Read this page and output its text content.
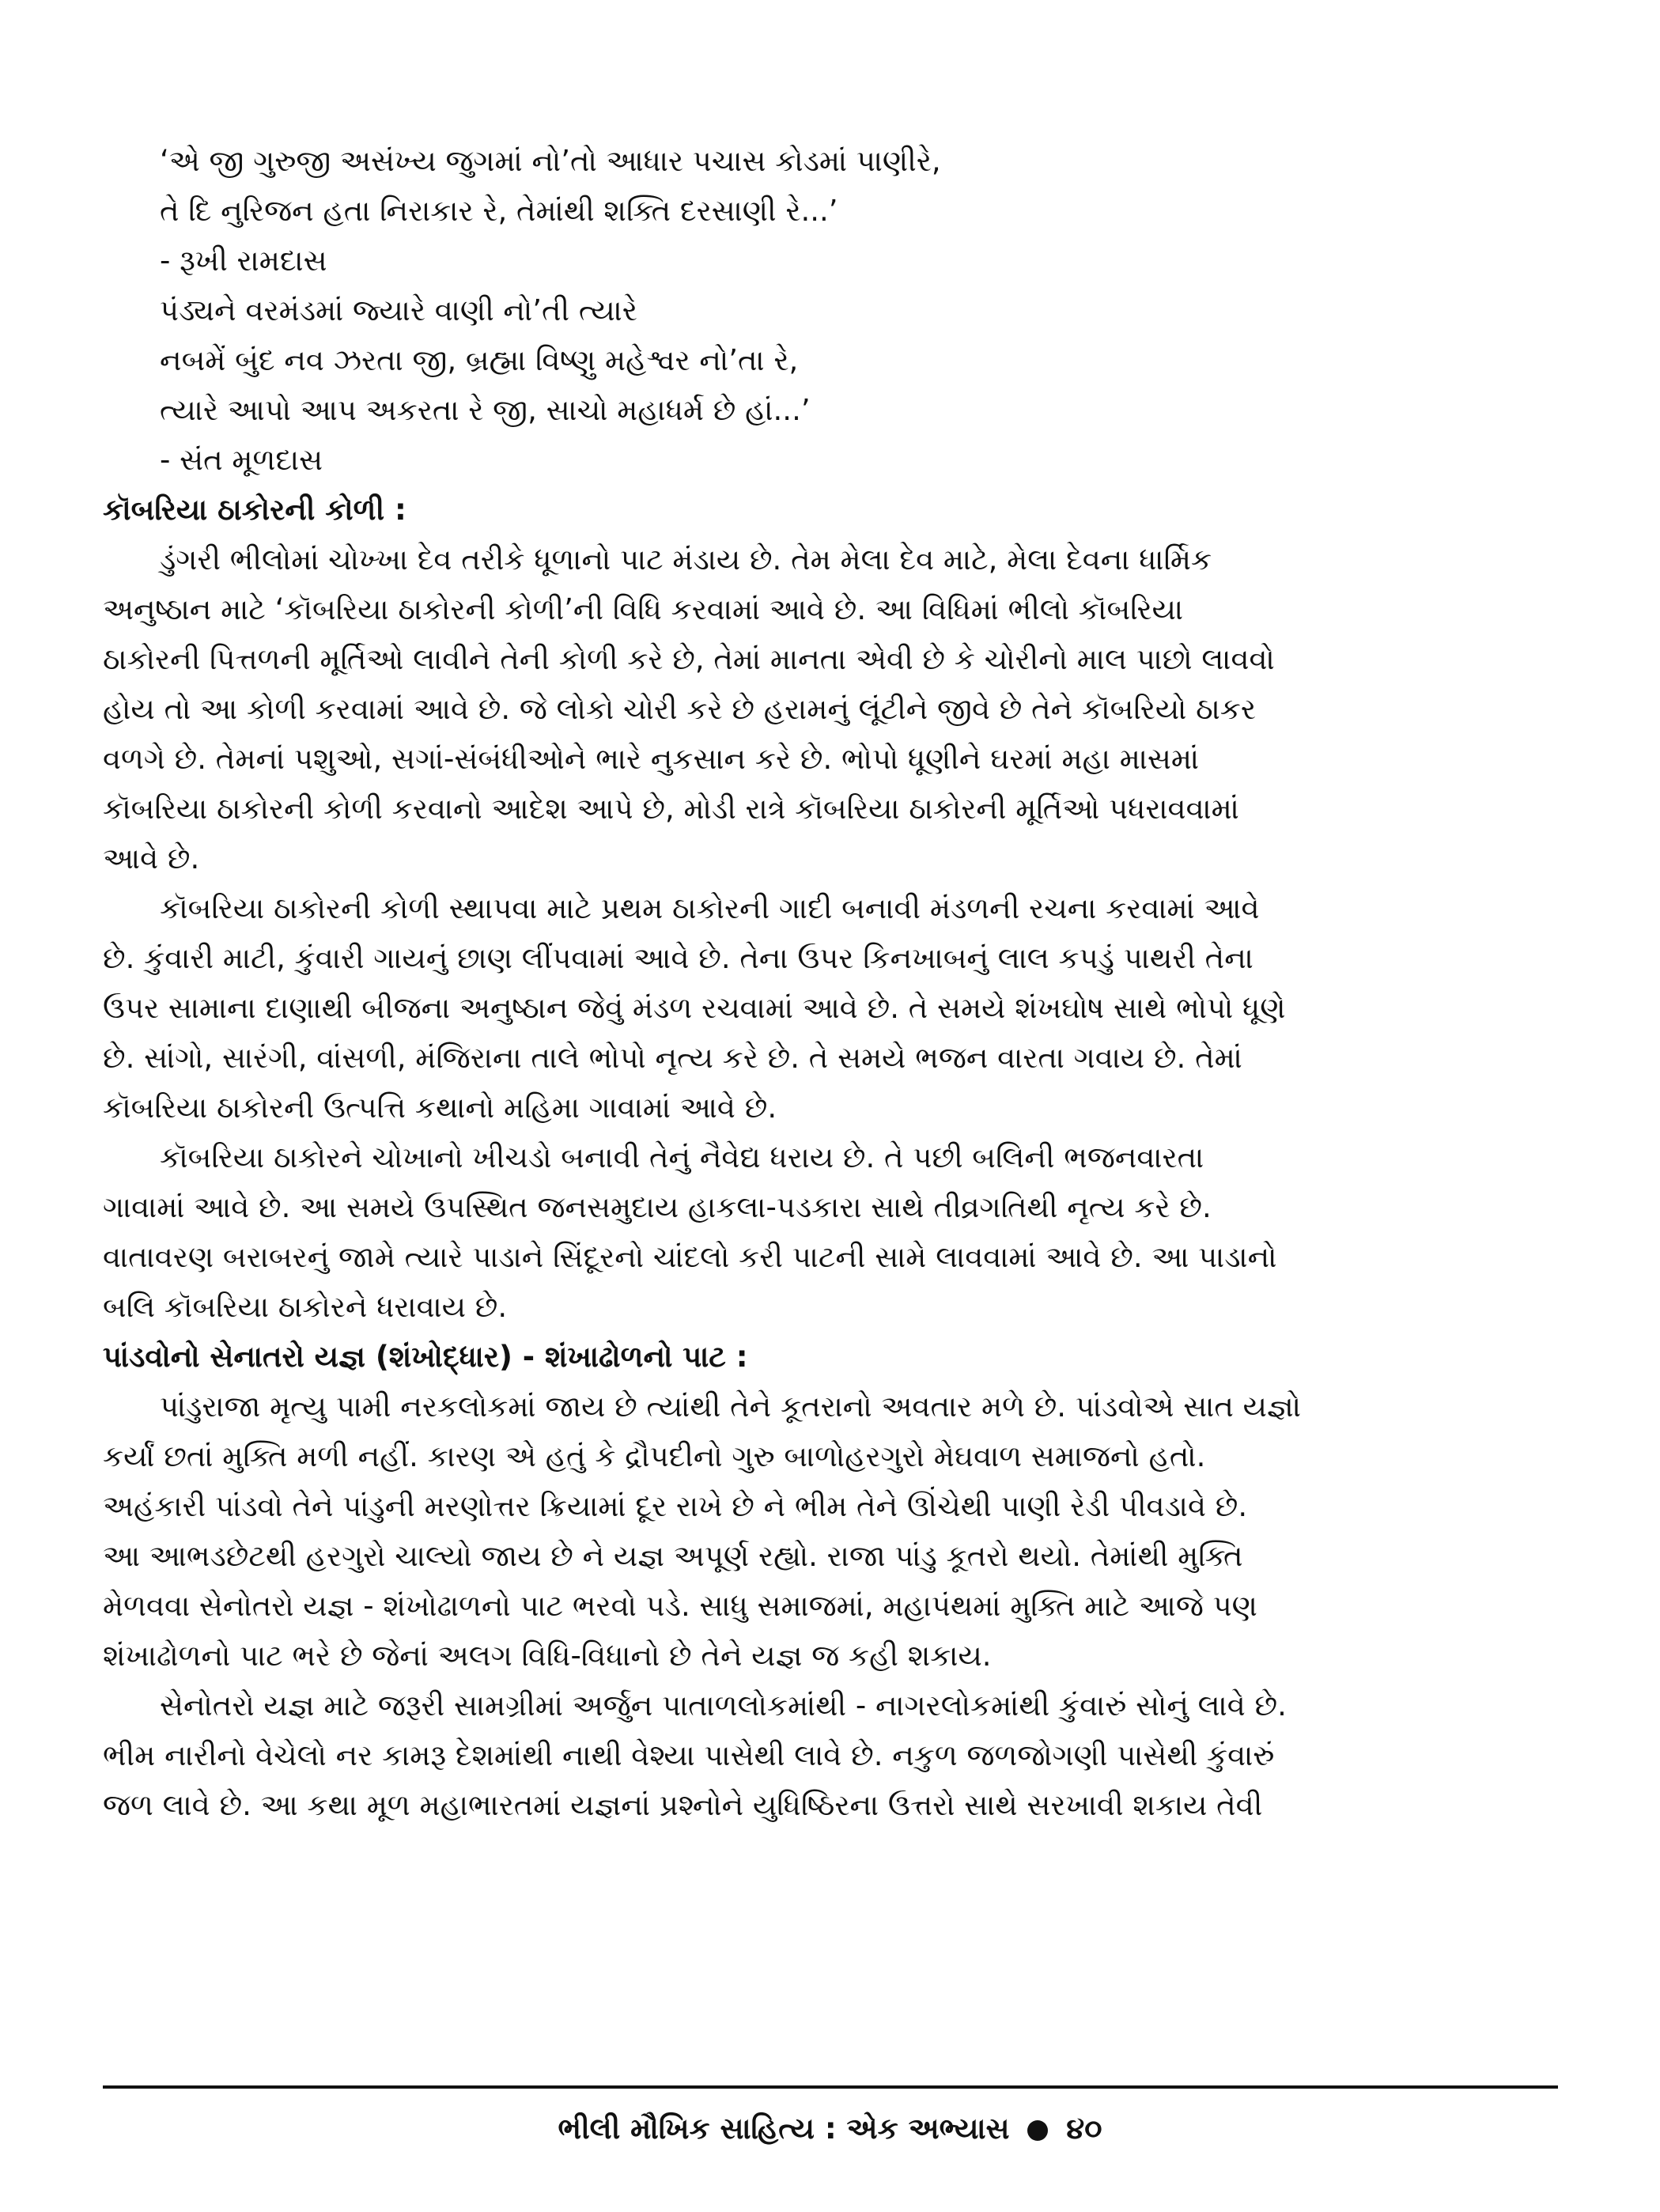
‘એ જી ગુરુજી અસંખ્ય જુગમાં નો’તો આધાર પચાસ કોડમાં પાણીરે,
તે દિ નુરિજન હતા નિરાકાર રે, તેમાંથી શક્તિ દરસાણી રે...’
- રૂખી રામદાસ
પંડ્યને વરમંડમાં જ્યારે વાણી નો’તી ત્યારે
નબમેં બુંદ નવ ઝરતા જી, બ્રહ્મા વિષ્ણુ મહેશ્વર નો’તા રે,
ત્યારે આપો આપ અકરતા રે જી, સાચો મહાધર્મ છે હાં...’
- સંત મૂળદાસ
કૉબરિયા ઠાકોરની કોળી :
ડુંગરી ભીલોમાં ચોખ્ખા દેવ તરીકે ધૂળાનો પાટ મંડાય છે. તેમ મેલા દેવ માટે, મેલા દેવના ધાર્મિક
અનુષ્ઠાન માટે ‘કૉબરિયા ઠાકોરની કોળી’ની વિધિ કરવામાં આવે છે. આ વિધિમાં ભીલો કૉબરિયા
ઠાકોરની પિત્તળની મૂર્તિઓ લાવીને તેની કોળી કરે છે, તેમાં માનતા એવી છે કે ચોરીનો માલ પાછો લાવવો
હોય તો આ કોળી કરવામાં આવે છે. જે લોકો ચોરી કરે છે હરામનું લૂંટીને જીવે છે તેને કૉબરિયો ઠાકર
વળગે છે. તેમનાં પશુઓ, સગાં-સંબંધીઓને ભારે નુકસાન કરે છે. ભોપો ધૂણીને ઘરમાં મહા માસમાં
કૉબરિયા ઠાકોરની કોળી કરવાનો આદેશ આપે છે, મોડી રાત્રે કૉબરિયા ઠાકોરની મૂર્તિઓ પધરાવવામાં
આવે છે.
કૉબરિયા ઠાકોરની કોળી સ્થાપવા માટે પ્રથમ ઠાકોરની ગાદી બનાવી મંડળની રચના કરવામાં આવે
છે. કુંવારી માટી, કુંવારી ગાયનું છાણ લીંપવામાં આવે છે. તેના ઉપર કિનખાબનું લાલ કપડું પાથરી તેના
ઉપર સામાના દાણાથી બીજના અનુષ્ઠાન જેવું મંડળ રચવામાં આવે છે. તે સમયે શંખઘોષ સાથે ભોપો ધૂણે
છે. સાંગો, સારંગી, વાંસળી, મંજિરાના તાલે ભોપો નૃત્ય કરે છે. તે સમયે ભજન વારતા ગવાય છે. તેમાં
કૉબરિયા ઠાકોરની ઉત્પત્તિ કથાનો મહિમા ગાવામાં આવે છે.
કૉબરિયા ઠાકોરને ચોખાનો ખીચડો બનાવી તેનું નૈવેદ્ય ધરાય છે. તે પછી બલિની ભજનવારતા
ગાવામાં આવે છે. આ સમયે ઉપસ્થિત જનસમુદાય હાકલા-પડકારા સાથે તીવ્રગતિથી નૃત્ય કરે છે.
વાતાવરણ બરાબરનું જામે ત્યારે પાડાને સિંદૂરનો ચાંદલો કરી પાટની સામે લાવવામાં આવે છે. આ પાડાનો
બલિ કૉબરિયા ઠાકોરને ધરાવાય છે.
પાંડવોનો સેનાતરો યજ્ઞ (શંખોદ્ધાર) - શંખાઢોળનો પાટ :
પાંડુરાજા મૃત્યુ પામી નરકલોકમાં જાય છે ત્યાંથી તેને કૂતરાનો અવતાર મળે છે. પાંડવોએ સાત યજ્ઞો
કર્યાં છતાં મુક્તિ મળી નહીં. કારણ એ હતું કે દ્રૌપદીનો ગુરુ બાળોહરગુરો મેઘવાળ સમાજનો હતો.
અહંકારી પાંડવો તેને પાંડુની મરણોત્તર ક્રિયામાં દૂર રાખે છે ને ભીમ તેને ઊંચેથી પાણી રેડી પીવડાવે છે.
આ આભડછેટથી હરગુરો ચાલ્યો જાય છે ને યજ્ઞ અપૂર્ણ રહ્યો. રાજા પાંડુ કૂતરો થયો. તેમાંથી મુક્તિ
મેળવવા સેનોતરો યજ્ઞ - શંખોઢાળનો પાટ ભરવો પડે. સાધુ સમાજમાં, મહાપંથમાં મુક્તિ માટે આજે પણ
શંખાઢોળનો પાટ ભરે છે જેનાં અલગ વિધિ-વિધાનો છે તેને યજ્ઞ જ કહી શકાય.
સેનોતરો યજ્ઞ માટે જરૂરી સામગ્રીમાં અર્જુન પાતાળલોકમાંથી - નાગરલોકમાંથી કુંવારું સોનું લાવે છે.
ભીમ નારીનો વેચેલો નર કામરૂ દેશમાંથી નાથી વેશ્યા પાસેથી લાવે છે. નકુળ જળજોગણી પાસેથી કુંવારું
જળ લાવે છે. આ કથા મૂળ મહાભારતમાં યજ્ઞનાં પ્રશ્નોને યુધિષ્ઠિરના ઉત્તરો સાથે સરખાવી શકાય તેવી
ભીલી મૌખિક સાહિત્ય : એક અભ્યાસ ૪૦
